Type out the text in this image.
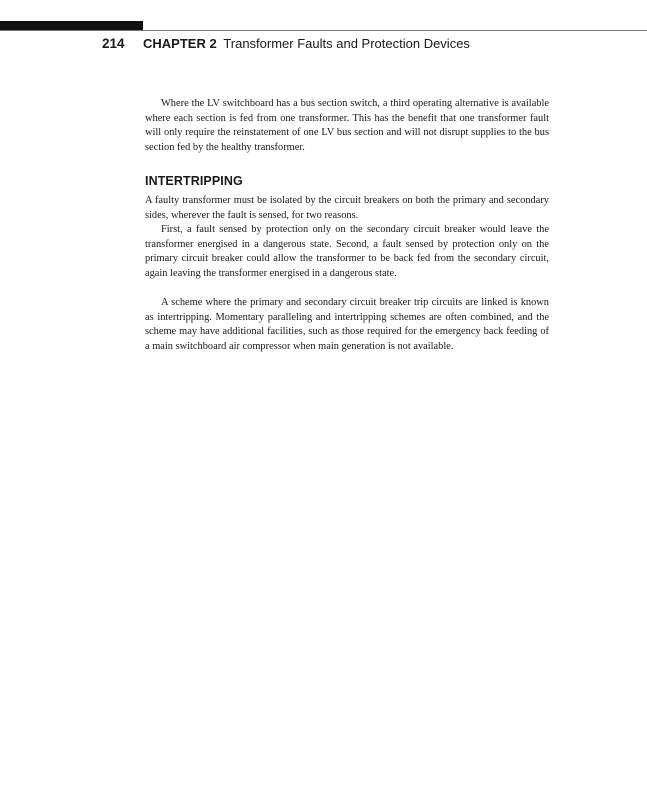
214 CHAPTER 2 Transformer Faults and Protection Devices

Where the LV switchboard has a bus section switch, a third operating alternative is available where each section is fed from one transformer. This has the benefit that one transformer fault will only require the reinstatement of one LV bus section and will not disrupt supplies to the bus section fed by the healthy transformer.

INTERTRIPPING

A faulty transformer must be isolated by the circuit breakers on both the primary and secondary sides, wherever the fault is sensed, for two reasons.

First, a fault sensed by protection only on the secondary circuit breaker would leave the transformer energised in a dangerous state. Second, a fault sensed by protection only on the primary circuit breaker could allow the transformer to be back fed from the secondary circuit, again leaving the transformer energised in a dangerous state.

A scheme where the primary and secondary circuit breaker trip circuits are linked is known as intertripping. Momentary paralleling and intertripping schemes are often combined, and the scheme may have additional facilities, such as those required for the emergency back feeding of a main switchboard air compressor when main generation is not available.
